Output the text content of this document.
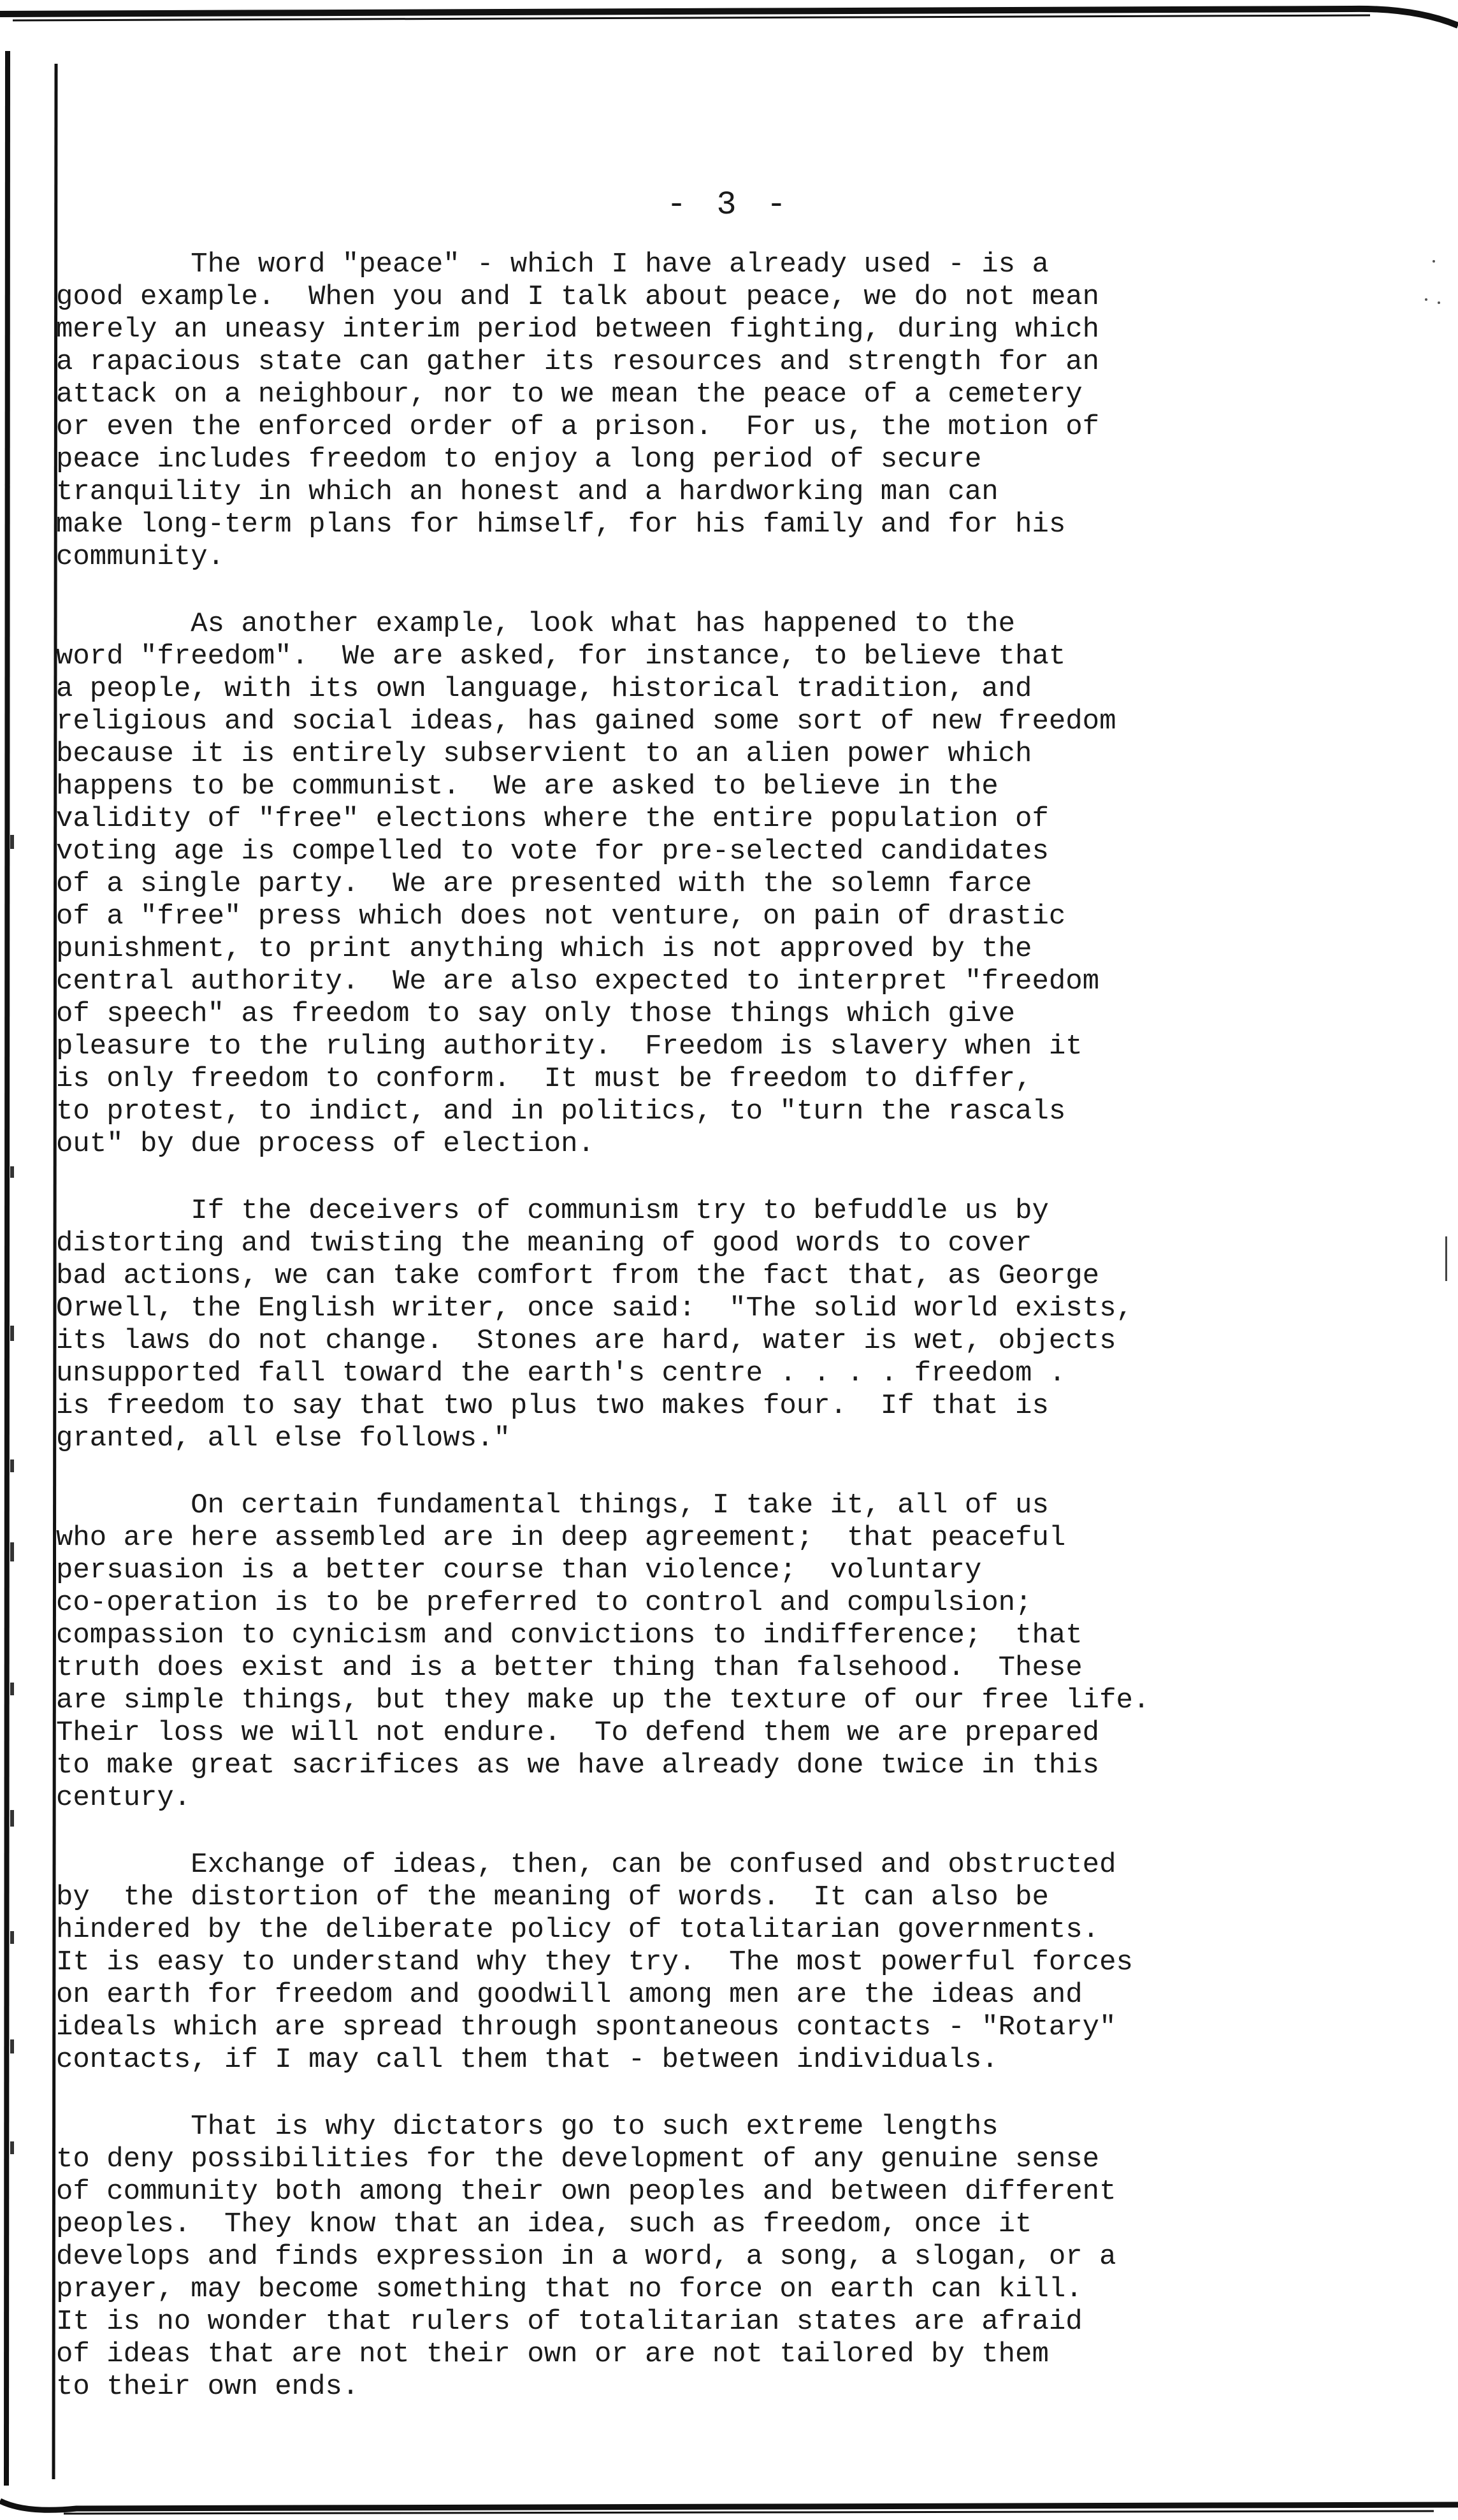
- 3 -
The word "peace" - which I have already used - is a
good example.  When you and I talk about peace, we do not mean
merely an uneasy interim period between fighting, during which
a rapacious state can gather its resources and strength for an
attack on a neighbour, nor to we mean the peace of a cemetery
or even the enforced order of a prison.  For us, the motion of
peace includes freedom to enjoy a long period of secure
tranquility in which an honest and a hardworking man can
make long-term plans for himself, for his family and for his
community.
As another example, look what has happened to the
word "freedom".  We are asked, for instance, to believe that
a people, with its own language, historical tradition, and
religious and social ideas, has gained some sort of new freedom
because it is entirely subservient to an alien power which
happens to be communist.  We are asked to believe in the
validity of "free" elections where the entire population of
voting age is compelled to vote for pre-selected candidates
of a single party.  We are presented with the solemn farce
of a "free" press which does not venture, on pain of drastic
punishment, to print anything which is not approved by the
central authority.  We are also expected to interpret "freedom
of speech" as freedom to say only those things which give
pleasure to the ruling authority.  Freedom is slavery when it
is only freedom to conform.  It must be freedom to differ,
to protest, to indict, and in politics, to "turn the rascals
out" by due process of election.
If the deceivers of communism try to befuddle us by
distorting and twisting the meaning of good words to cover
bad actions, we can take comfort from the fact that, as George
Orwell, the English writer, once said:  "The solid world exists,
its laws do not change.  Stones are hard, water is wet, objects
unsupported fall toward the earth's centre . . . . freedom .
is freedom to say that two plus two makes four.  If that is
granted, all else follows."
On certain fundamental things, I take it, all of us
who are here assembled are in deep agreement;  that peaceful
persuasion is a better course than violence;  voluntary
co-operation is to be preferred to control and compulsion;
compassion to cynicism and convictions to indifference;  that
truth does exist and is a better thing than falsehood.  These
are simple things, but they make up the texture of our free life.
Their loss we will not endure.  To defend them we are prepared
to make great sacrifices as we have already done twice in this
century.
Exchange of ideas, then, can be confused and obstructed
by  the distortion of the meaning of words.  It can also be
hindered by the deliberate policy of totalitarian governments.
It is easy to understand why they try.  The most powerful forces
on earth for freedom and goodwill among men are the ideas and
ideals which are spread through spontaneous contacts - "Rotary"
contacts, if I may call them that - between individuals.
That is why dictators go to such extreme lengths
to deny possibilities for the development of any genuine sense
of community both among their own peoples and between different
peoples.  They know that an idea, such as freedom, once it
develops and finds expression in a word, a song, a slogan, or a
prayer, may become something that no force on earth can kill.
It is no wonder that rulers of totalitarian states are afraid
of ideas that are not their own or are not tailored by them
to their own ends.
